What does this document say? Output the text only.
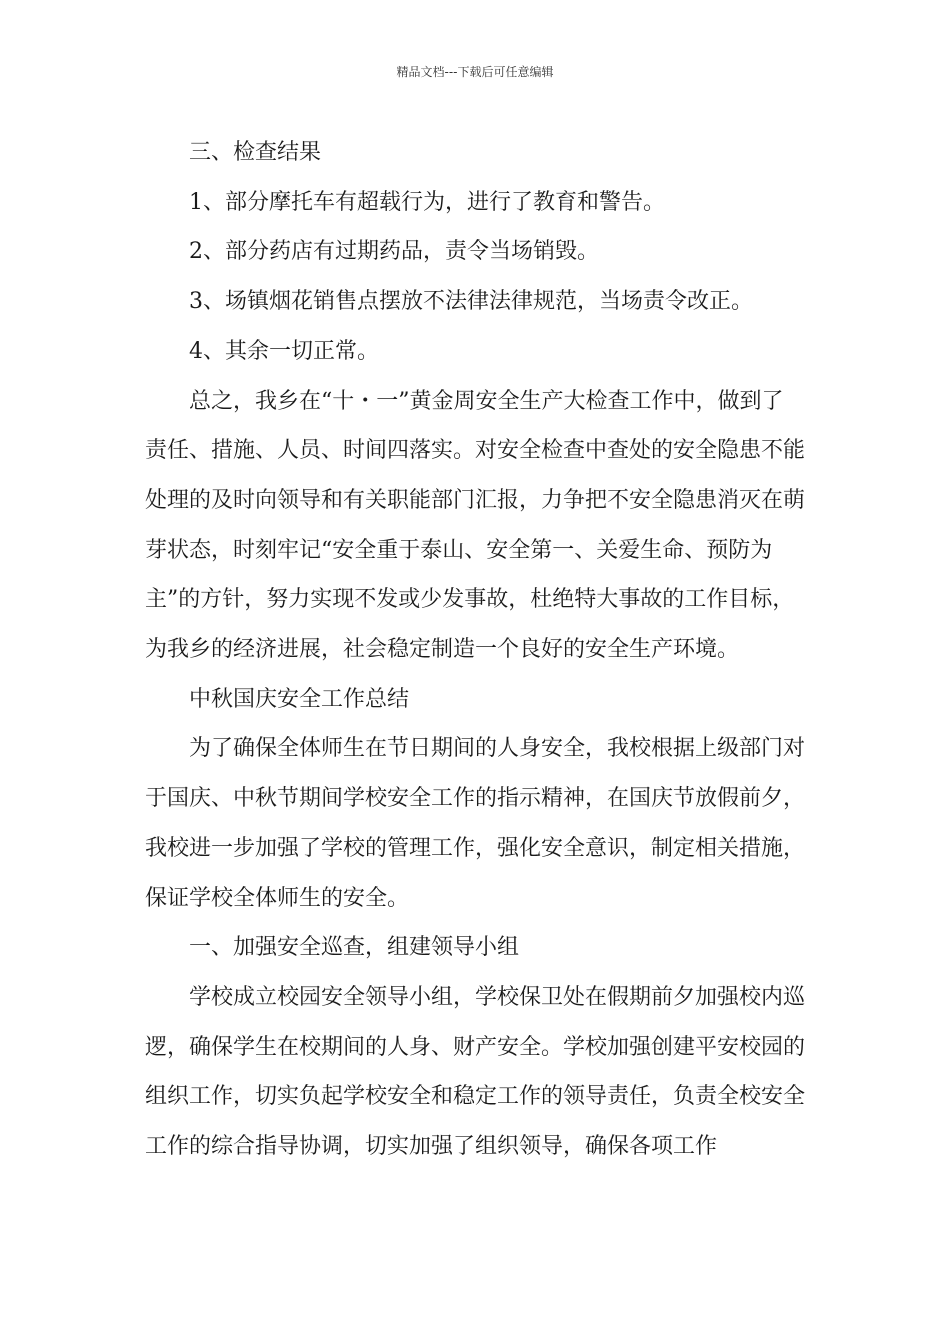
精品文档---下载后可任意编辑

三、检查结果

1、部分摩托车有超载行为，进行了教育和警告。

2、部分药店有过期药品，责令当场销毁。

3、场镇烟花销售点摆放不法律法律规范，当场责令改正。

4、其余一切正常。

总之，我乡在“十・一”黄金周安全生产大检查工作中，做到了责任、措施、人员、时间四落实。对安全检查中查处的安全隐患不能处理的及时向领导和有关职能部门汇报，力争把不安全隐患消灭在萌芽状态，时刻牢记“安全重于泰山、安全第一、关爱生命、预防为主”的方针，努力实现不发或少发事故，杜绝特大事故的工作目标，为我乡的经济进展，社会稳定制造一个良好的安全生产环境。

中秋国庆安全工作总结

为了确保全体师生在节日期间的人身安全，我校根据上级部门对于国庆、中秋节期间学校安全工作的指示精神，在国庆节放假前夕，我校进一步加强了学校的管理工作，强化安全意识，制定相关措施，保证学校全体师生的安全。

一、加强安全巡查，组建领导小组

学校成立校园安全领导小组，学校保卫处在假期前夕加强校内巡逻，确保学生在校期间的人身、财产安全。学校加强创建平安校园的组织工作，切实负起学校安全和稳定工作的领导责任，负责全校安全工作的综合指导协调，切实加强了组织领导，确保各项工作
